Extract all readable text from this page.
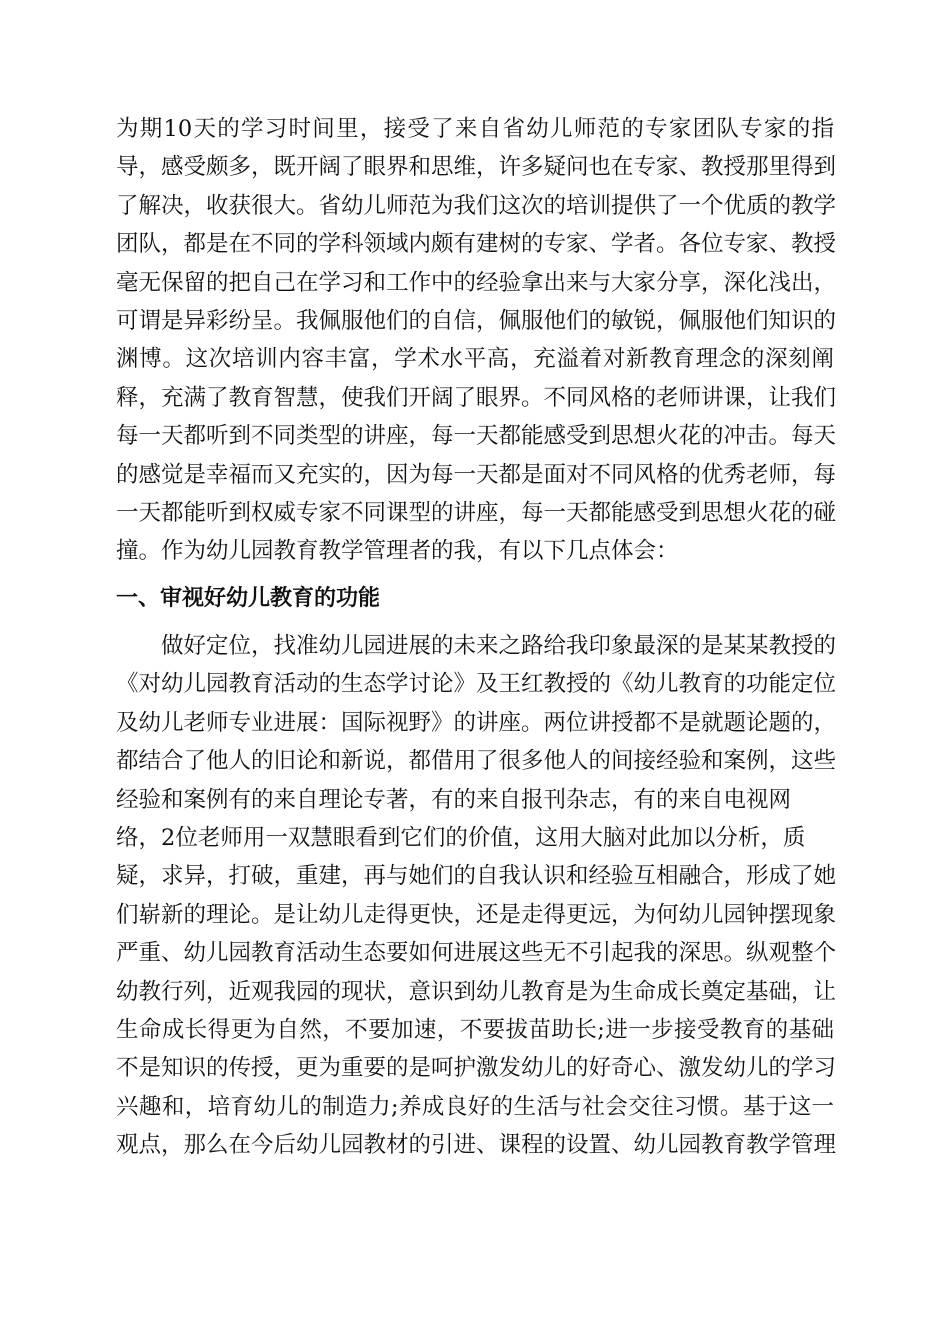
为期10天的学习时间里，接受了来自省幼儿师范的专家团队专家的指
导，感受颇多，既开阔了眼界和思维，许多疑问也在专家、教授那里得到
了解决，收获很大。省幼儿师范为我们这次的培训提供了一个优质的教学
团队，都是在不同的学科领域内颇有建树的专家、学者。各位专家、教授
毫无保留的把自己在学习和工作中的经验拿出来与大家分享，深化浅出，
可谓是异彩纷呈。我佩服他们的自信，佩服他们的敏锐，佩服他们知识的
渊博。这次培训内容丰富，学术水平高，充溢着对新教育理念的深刻阐
释，充满了教育智慧，使我们开阔了眼界。不同风格的老师讲课，让我们
每一天都听到不同类型的讲座，每一天都能感受到思想火花的冲击。每天
的感觉是幸福而又充实的，因为每一天都是面对不同风格的优秀老师，每
一天都能听到权威专家不同课型的讲座，每一天都能感受到思想火花的碰
撞。作为幼儿园教育教学管理者的我，有以下几点体会：
一、审视好幼儿教育的功能
做好定位，找准幼儿园进展的未来之路给我印象最深的是某某教授的
《对幼儿园教育活动的生态学讨论》及王红教授的《幼儿教育的功能定位
及幼儿老师专业进展：国际视野》的讲座。两位讲授都不是就题论题的，
都结合了他人的旧论和新说，都借用了很多他人的间接经验和案例，这些
经验和案例有的来自理论专著，有的来自报刊杂志，有的来自电视网
络，2位老师用一双慧眼看到它们的价值，这用大脑对此加以分析，质
疑，求异，打破，重建，再与她们的自我认识和经验互相融合，形成了她
们崭新的理论。是让幼儿走得更快，还是走得更远，为何幼儿园钟摆现象
严重、幼儿园教育活动生态要如何进展这些无不引起我的深思。纵观整个
幼教行列，近观我园的现状，意识到幼儿教育是为生命成长奠定基础，让
生命成长得更为自然，不要加速，不要拔苗助长;进一步接受教育的基础
不是知识的传授，更为重要的是呵护激发幼儿的好奇心、激发幼儿的学习
兴趣和，培育幼儿的制造力;养成良好的生活与社会交往习惯。基于这一
观点，那么在今后幼儿园教材的引进、课程的设置、幼儿园教育教学管理
